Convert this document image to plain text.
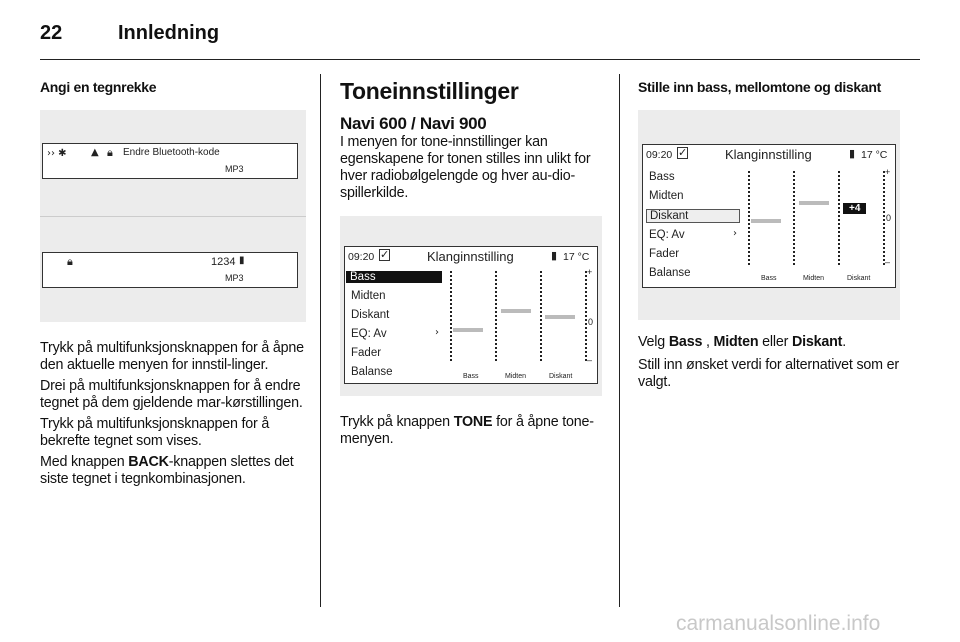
22	Innledning
Angi en tegnrekke
›› ✱ ▲ 🔒︎ Endre Bluetooth-kode
MP3
🔒︎	1234 ▮
MP3

Trykk på multifunksjonsknappen for å åpne den aktuelle menyen for innstil-linger.

Drei på multifunksjonsknappen for å endre tegnet på dem gjeldende mar-kørstillingen.

Trykk på multifunksjonsknappen for å bekrefte tegnet som vises.

Med knappen BACK-knappen slettes det siste tegnet i tegnkombinasjonen.

Toneinnstillinger
Navi 600 / Navi 900

I menyen for tone-innstillinger kan egenskapene for tonen stilles inn ulikt for hver radiobølgelengde og hver au-dio-spillerkilde.

09:20 ✓	Klanginnstilling	▮ 17 °C
Bass
Midten
Diskant
EQ: Av	›
Fader
Balanse
+
0
–
Bass	Midten	Diskant

Trykk på knappen TONE for å åpne tone-menyen.

Stille inn bass, mellomtone og diskant
09:20 ✓	Klanginnstilling	▮ 17 °C
Bass
Midten
Diskant
EQ: Av	›
Fader
Balanse
+4
+
0
–
Bass	Midten	Diskant

Velg Bass , Midten eller Diskant.

Still inn ønsket verdi for alternativet som er valgt.

carmanualsonline.info
